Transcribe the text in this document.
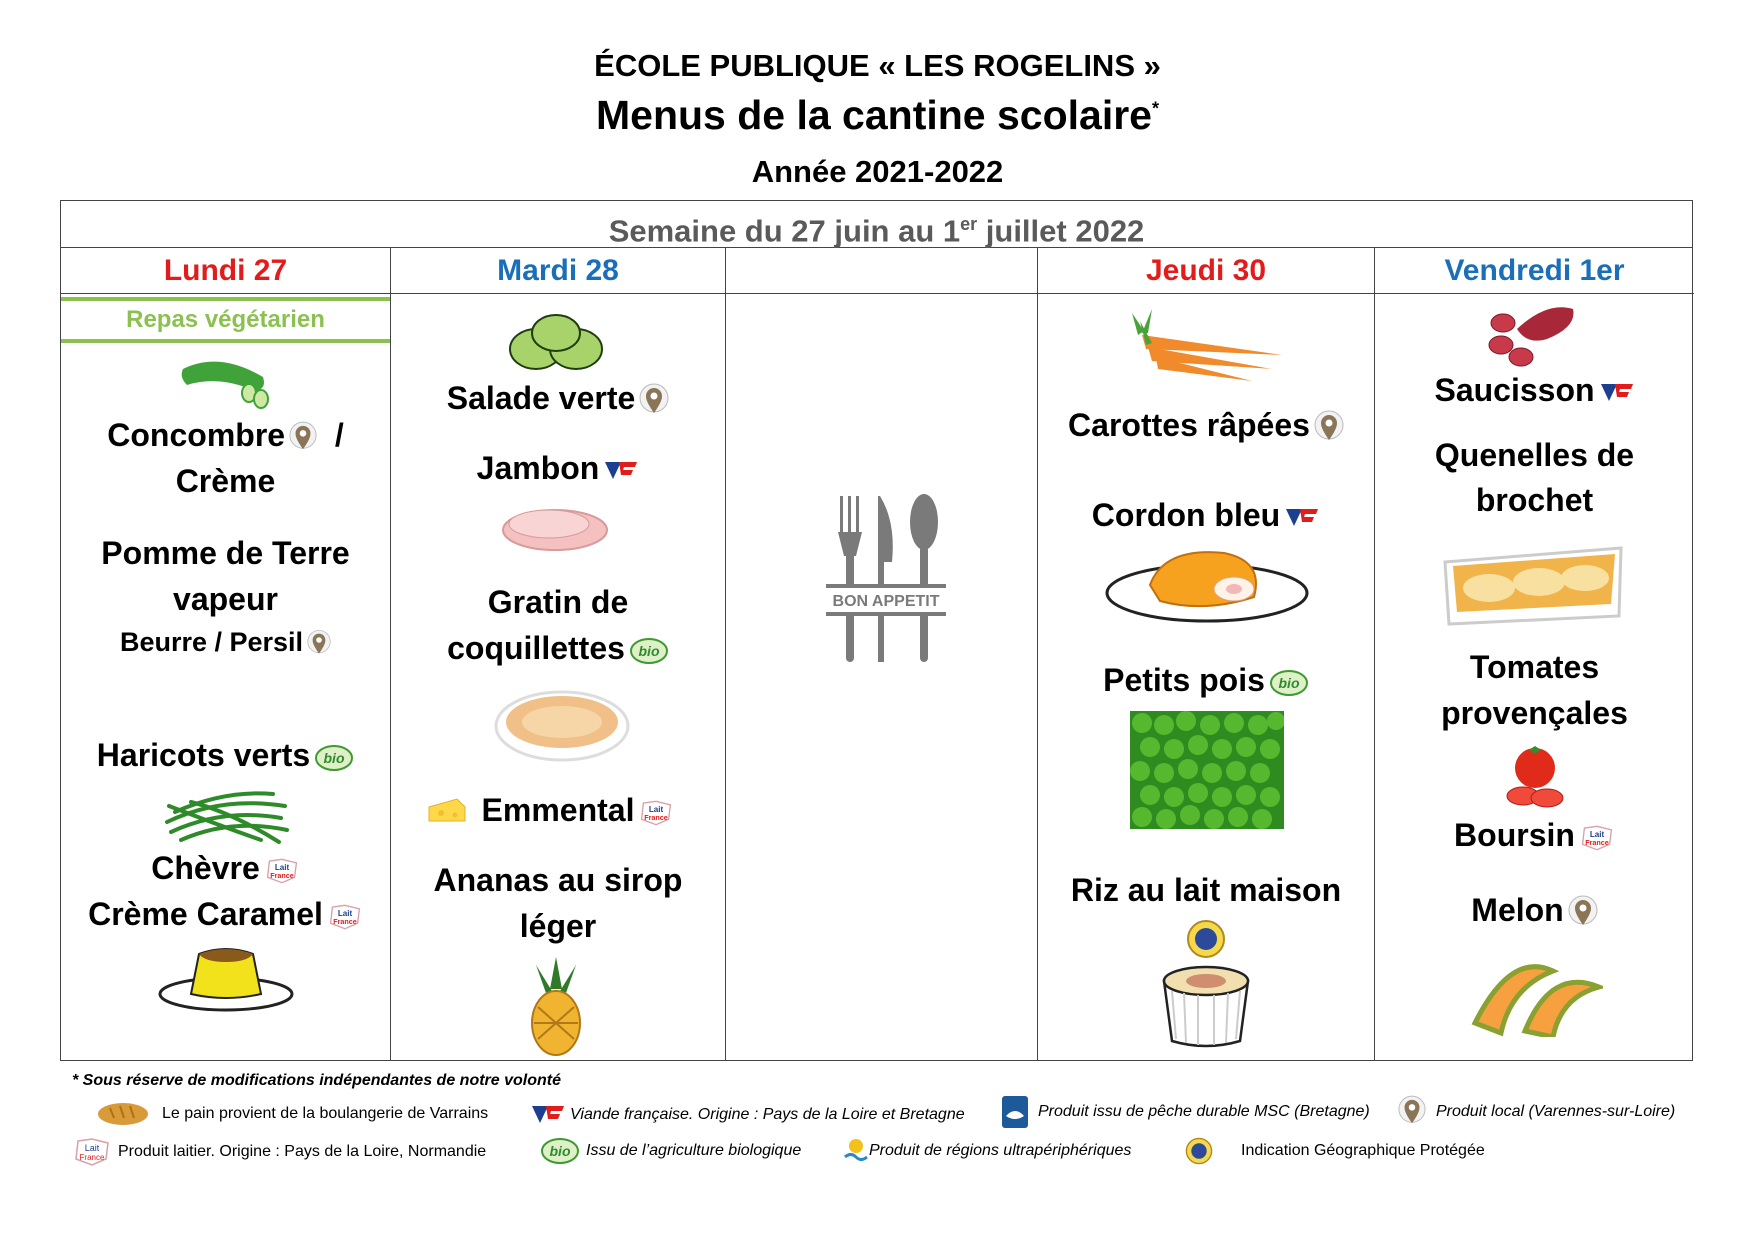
ÉCOLE PUBLIQUE « LES ROGELINS »
Menus de la cantine scolaire*
Année 2021-2022
Semaine du 27 juin au 1er juillet 2022
Lundi 27
Repas végétarien
Concombre /
Crème
Pomme de Terre
vapeur
Beurre / Persil
Haricots verts
Chèvre
Crème Caramel
Mardi 28
Salade verte
Jambon
Gratin de
coquillettes
Emmental
Ananas au sirop
léger
BON APPETIT
Jeudi 30
Carottes râpées
Cordon bleu
Petits pois
Riz au lait maison
Vendredi 1er
Saucisson
Quenelles de
brochet
Tomates
provençales
Boursin
Melon
* Sous réserve de modifications indépendantes de notre volonté
Le pain provient de la boulangerie de Varrains	Viande française. Origine : Pays de la Loire et Bretagne	Produit issu de pêche durable MSC (Bretagne)	Produit local (Varennes-sur-Loire)
Produit laitier. Origine : Pays de la Loire, Normandie	Issu de l’agriculture biologique	Produit de régions ultrapériphériques	Indication Géographique Protégée
